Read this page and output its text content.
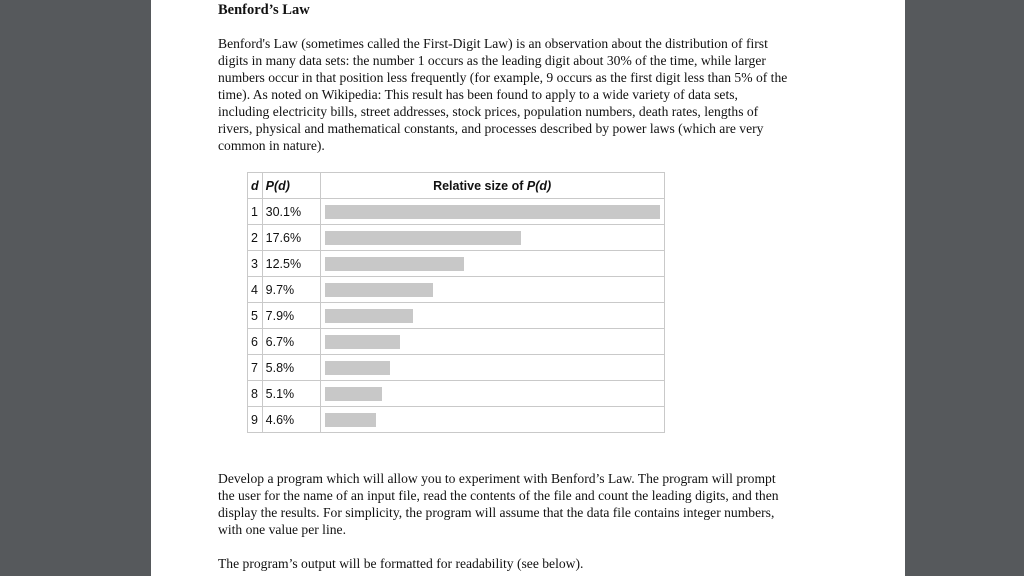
Benford’s Law

Benford's Law (sometimes called the First-Digit Law) is an observation about the distribution of first
digits in many data sets: the number 1 occurs as the leading digit about 30% of the time, while larger
numbers occur in that position less frequently (for example, 9 occurs as the first digit less than 5% of the
time). As noted on Wikipedia: This result has been found to apply to a wide variety of data sets,
including electricity bills, street addresses, stock prices, population numbers, death rates, lengths of
rivers, physical and mathematical constants, and processes described by power laws (which are very
common in nature).

d	P(d)	Relative size of P(d)
1	30.1%	

2	17.6%	

3	12.5%	

4	9.7%	

5	7.9%	

6	6.7%	

7	5.8%	

8	5.1%	

9	4.6%	

Develop a program which will allow you to experiment with Benford’s Law. The program will prompt
the user for the name of an input file, read the contents of the file and count the leading digits, and then
display the results. For simplicity, the program will assume that the data file contains integer numbers,
with one value per line.

The program’s output will be formatted for readability (see below).
